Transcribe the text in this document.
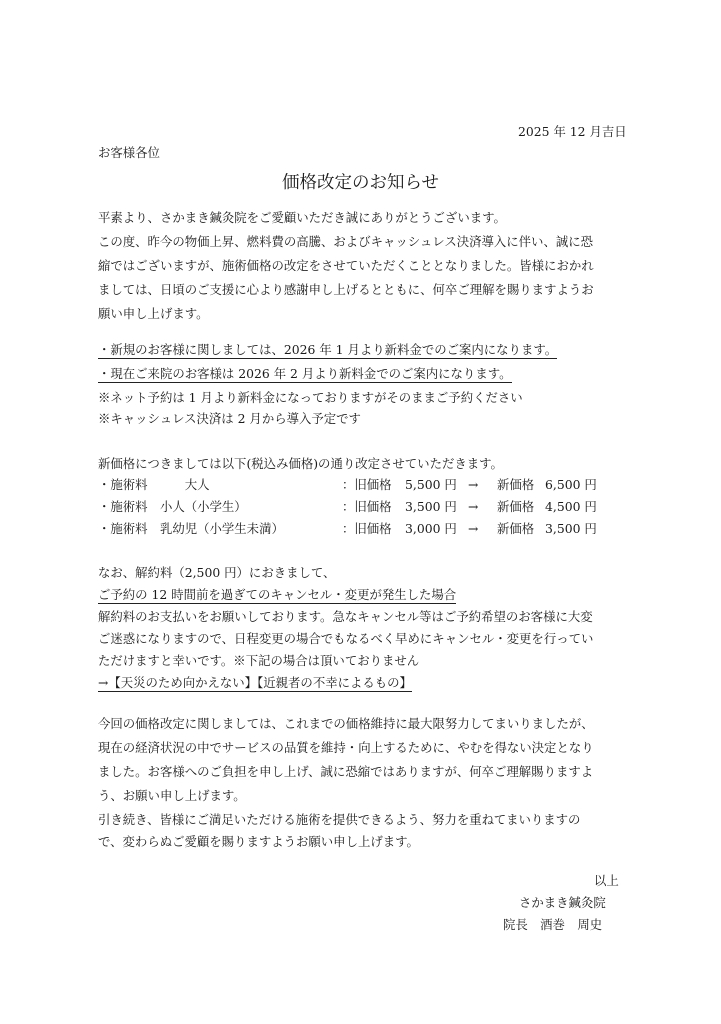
2025 年 12 月吉日
お客様各位
価格改定のお知らせ
平素より、さかまき鍼灸院をご愛顧いただき誠にありがとうございます。
この度、昨今の物価上昇、燃料費の高騰、およびキャッシュレス決済導入に伴い、誠に恐
縮ではございますが、施術価格の改定をさせていただくこととなりました。皆様におかれ
ましては、日頃のご支援に心より感謝申し上げるとともに、何卒ご理解を賜りますようお
願い申し上げます。
・新規のお客様に関しましては、2026 年 1 月より新料金でのご案内になります。
・現在ご来院のお客様は 2026 年 2 月より新料金でのご案内になります。
※ネット予約は 1 月より新料金になっておりますがそのままご予約ください
※キャッシュレス決済は 2 月から導入予定です
新価格につきましては以下(税込み価格)の通り改定させていただきます。
・施術料　　　大人	：旧価格 5,500 円 → 新価格 6,500 円
・施術料　小人（小学生）	：旧価格 3,500 円 → 新価格 4,500 円
・施術料　乳幼児（小学生未満）	：旧価格 3,000 円 → 新価格 3,500 円
なお、解約料（2,500 円）におきまして、
ご予約の 12 時間前を過ぎてのキャンセル・変更が発生した場合
解約料のお支払いをお願いしております。急なキャンセル等はご予約希望のお客様に大変
ご迷惑になりますので、日程変更の場合でもなるべく早めにキャンセル・変更を行ってい
ただけますと幸いです。※下記の場合は頂いておりません
→【天災のため向かえない】【近親者の不幸によるもの】
今回の価格改定に関しましては、これまでの価格維持に最大限努力してまいりましたが、
現在の経済状況の中でサービスの品質を維持・向上するために、やむを得ない決定となり
ました。お客様へのご負担を申し上げ、誠に恐縮ではありますが、何卒ご理解賜りますよ
う、お願い申し上げます。
引き続き、皆様にご満足いただける施術を提供できるよう、努力を重ねてまいりますの
で、変わらぬご愛顧を賜りますようお願い申し上げます。
以上
さかまき鍼灸院
院長　酒巻　周史
